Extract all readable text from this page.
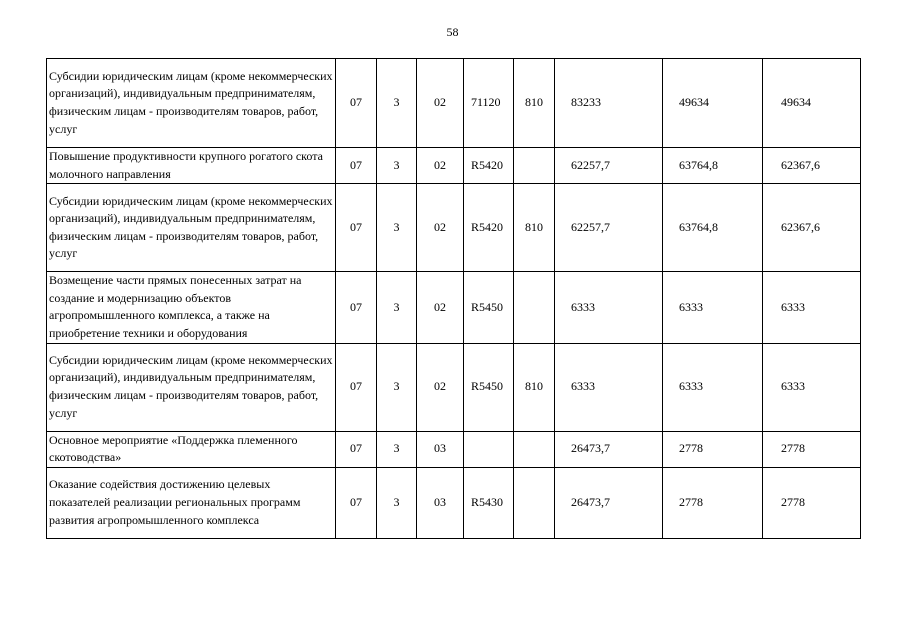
58
Субсидии юридическим лицам (кроме некоммерческих организаций), индивидуальным предпринимателям, физическим лицам - производителям товаров, работ, услуг	07	3	02	71120	810	83233	49634	49634
Повышение продуктивности крупного рогатого скота молочного направления	07	3	02	R5420		62257,7	63764,8	62367,6
Субсидии юридическим лицам (кроме некоммерческих организаций), индивидуальным предпринимателям, физическим лицам - производителям товаров, работ, услуг	07	3	02	R5420	810	62257,7	63764,8	62367,6
Возмещение части прямых понесенных затрат на создание и модернизацию объектов агропромышленного комплекса, а также на приобретение техники и оборудования	07	3	02	R5450		6333	6333	6333
Субсидии юридическим лицам (кроме некоммерческих организаций), индивидуальным предпринимателям, физическим лицам - производителям товаров, работ, услуг	07	3	02	R5450	810	6333	6333	6333
Основное мероприятие «Поддержка племенного скотоводства»	07	3	03			26473,7	2778	2778
Оказание содействия достижению целевых показателей реализации региональных программ развития агропромышленного комплекса	07	3	03	R5430		26473,7	2778	2778
